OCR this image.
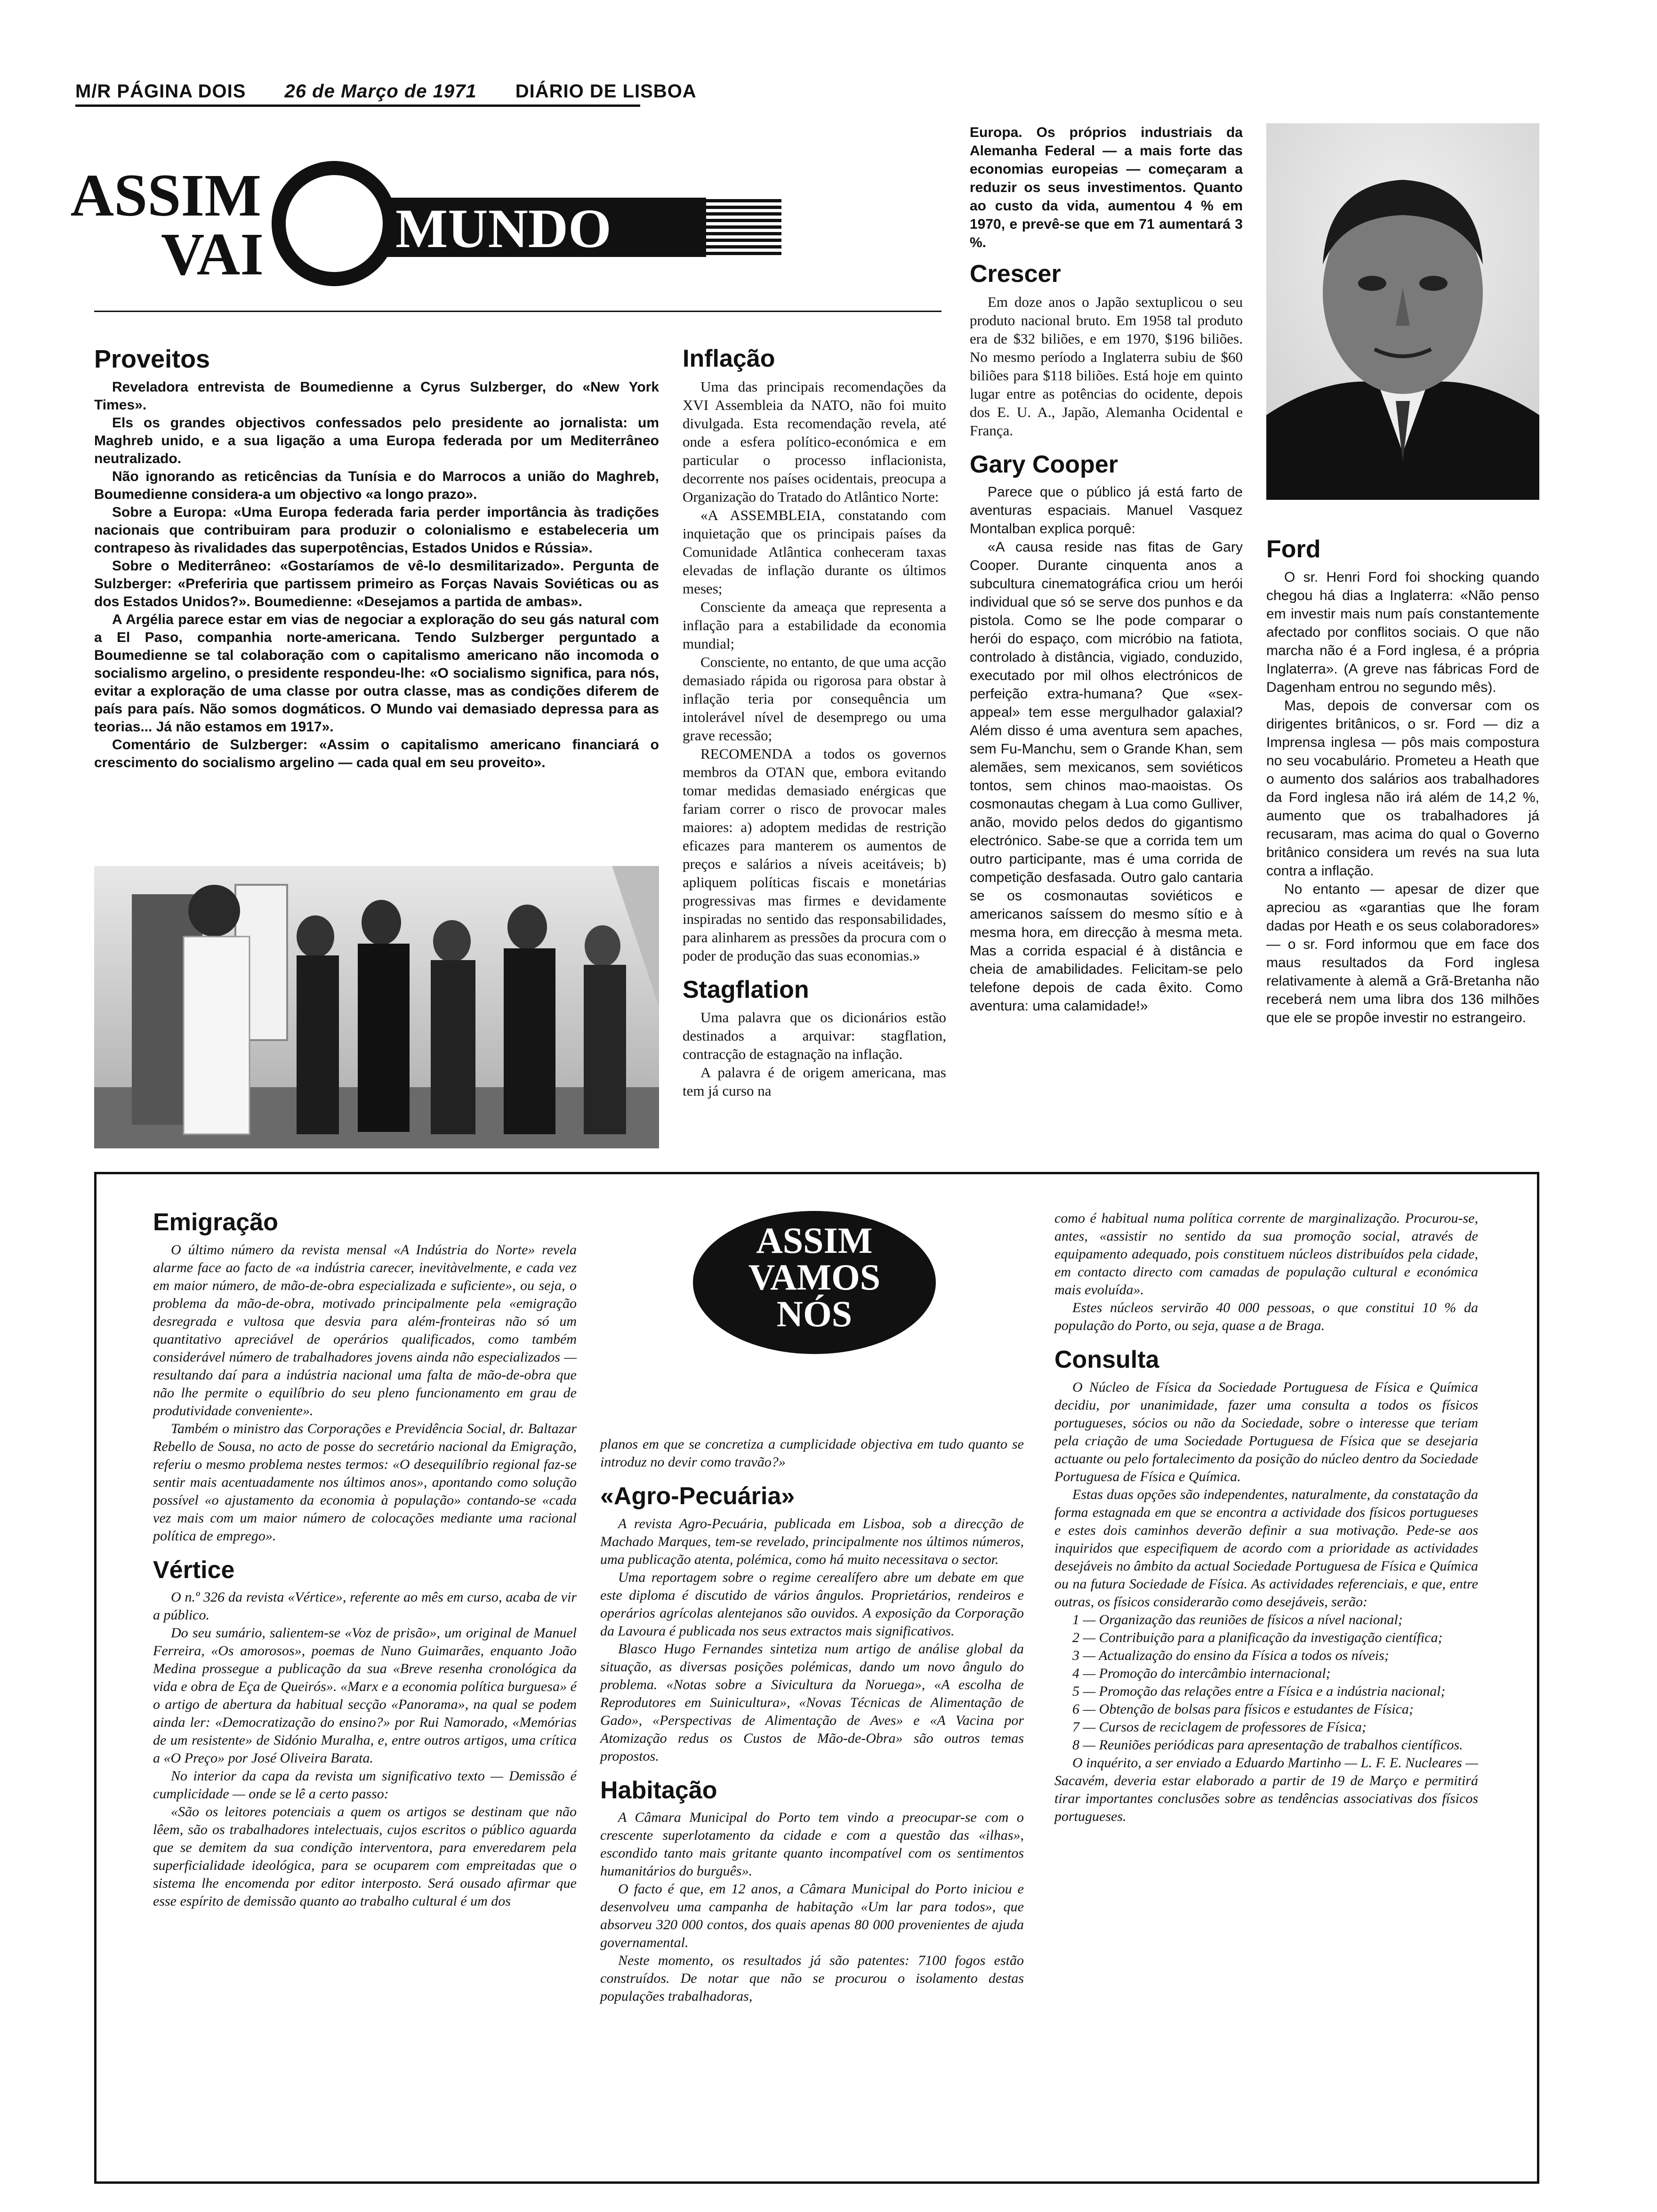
M/R PÁGINA DOIS 26 de Março de 1971 DIÁRIO DE LISBOA
ASSIM
VAI MUNDO
Proveitos

Reveladora entrevista de Boumedienne a Cyrus Sulzberger, do «New York Times».

Els os grandes objectivos confessados pelo presidente ao jornalista: um Maghreb unido, e a sua ligação a uma Europa federada por um Mediterrâneo neutralizado.

Não ignorando as reticências da Tunísia e do Marrocos a união do Maghreb, Boumedienne considera-a um objectivo «a longo prazo».

Sobre a Europa: «Uma Europa federada faria perder importância às tradições nacionais que contribuiram para produzir o colonialismo e estabeleceria um contrapeso às rivalidades das superpotências, Estados Unidos e Rússia».

Sobre o Mediterrâneo: «Gostaríamos de vê-lo desmilitarizado». Pergunta de Sulzberger: «Preferiria que partissem primeiro as Forças Navais Soviéticas ou as dos Estados Unidos?». Boumedienne: «Desejamos a partida de ambas».

A Argélia parece estar em vias de negociar a exploração do seu gás natural com a El Paso, companhia norte-americana. Tendo Sulzberger perguntado a Boumedienne se tal colaboração com o capitalismo americano não incomoda o socialismo argelino, o presidente respondeu-lhe: «O socialismo significa, para nós, evitar a exploração de uma classe por outra classe, mas as condições diferem de país para país. Não somos dogmáticos. O Mundo vai demasiado depressa para as teorias... Já não estamos em 1917».

Comentário de Sulzberger: «Assim o capitalismo americano financiará o crescimento do socialismo argelino — cada qual em seu proveito».

Inflação

Uma das principais recomendações da XVI Assembleia da NATO, não foi muito divulgada. Esta recomendação revela, até onde a esfera político-económica e em particular o processo inflacionista, decorrente nos países ocidentais, preocupa a Organização do Tratado do Atlântico Norte:

«A ASSEMBLEIA, constatando com inquietação que os principais países da Comunidade Atlântica conheceram taxas elevadas de inflação durante os últimos meses;

Consciente da ameaça que representa a inflação para a estabilidade da economia mundial;

Consciente, no entanto, de que uma acção demasiado rápida ou rigorosa para obstar à inflação teria por consequência um intolerável nível de desemprego ou uma grave recessão;

RECOMENDA a todos os governos membros da OTAN que, embora evitando tomar medidas demasiado enérgicas que fariam correr o risco de provocar males maiores: a) adoptem medidas de restrição eficazes para manterem os aumentos de preços e salários a níveis aceitáveis; b) apliquem políticas fiscais e monetárias progressivas mas firmes e devidamente inspiradas no sentido das responsabilidades, para alinharem as pressões da procura com o poder de produção das suas economias.»

Stagflation

Uma palavra que os dicionários estão destinados a arquivar: stagflation, contracção de estagnação na inflação.

A palavra é de origem americana, mas tem já curso na

Europa. Os próprios industriais da Alemanha Federal — a mais forte das economias europeias — começaram a reduzir os seus investimentos. Quanto ao custo da vida, aumentou 4 % em 1970, e prevê-se que em 71 aumentará 3 %.

Crescer

Em doze anos o Japão sextuplicou o seu produto nacional bruto. Em 1958 tal produto era de $32 biliões, e em 1970, $196 biliões. No mesmo período a Inglaterra subiu de $60 biliões para $118 biliões. Está hoje em quinto lugar entre as potências do ocidente, depois dos E. U. A., Japão, Alemanha Ocidental e França.

Gary Cooper

Parece que o público já está farto de aventuras espaciais. Manuel Vasquez Montalban explica porquê:

«A causa reside nas fitas de Gary Cooper. Durante cinquenta anos a subcultura cinematográfica criou um herói individual que só se serve dos punhos e da pistola. Como se lhe pode comparar o herói do espaço, com micróbio na fatiota, controlado à distância, vigiado, conduzido, executado por mil olhos electrónicos de perfeição extra-humana? Que «sex-appeal» tem esse mergulhador galaxial? Além disso é uma aventura sem apaches, sem Fu-Manchu, sem o Grande Khan, sem alemães, sem mexicanos, sem soviéticos tontos, sem chinos mao-maoistas. Os cosmonautas chegam à Lua como Gulliver, anão, movido pelos dedos do gigantismo electrónico. Sabe-se que a corrida tem um outro participante, mas é uma corrida de competição desfasada. Outro galo cantaria se os cosmonautas soviéticos e americanos saíssem do mesmo sítio e à mesma hora, em direcção à mesma meta. Mas a corrida espacial é à distância e cheia de amabilidades. Felicitam-se pelo telefone depois de cada êxito. Como aventura: uma calamidade!»

Ford

O sr. Henri Ford foi shocking quando chegou há dias a Inglaterra: «Não penso em investir mais num país constantemente afectado por conflitos sociais. O que não marcha não é a Ford inglesa, é a própria Inglaterra». (A greve nas fábricas Ford de Dagenham entrou no segundo mês).

Mas, depois de conversar com os dirigentes britânicos, o sr. Ford — diz a Imprensa inglesa — pôs mais compostura no seu vocabulário. Prometeu a Heath que o aumento dos salários aos trabalhadores da Ford inglesa não irá além de 14,2 %, aumento que os trabalhadores já recusaram, mas acima do qual o Governo britânico considera um revés na sua luta contra a inflação.

No entanto — apesar de dizer que apreciou as «garantias que lhe foram dadas por Heath e os seus colaboradores» — o sr. Ford informou que em face dos maus resultados da Ford inglesa relativamente à alemã a Grã-Bretanha não receberá nem uma libra dos 136 milhões que ele se propôe investir no estrangeiro.

ASSIM
VAMOS
NÓS
Emigração

O último número da revista mensal «A Indústria do Norte» revela alarme face ao facto de «a indústria carecer, inevitàvelmente, e cada vez em maior número, de mão-de-obra especializada e suficiente», ou seja, o problema da mão-de-obra, motivado principalmente pela «emigração desregrada e vultosa que desvia para além-fronteiras não só um quantitativo apreciável de operários qualificados, como também considerável número de trabalhadores jovens ainda não especializados — resultando daí para a indústria nacional uma falta de mão-de-obra que não lhe permite o equilíbrio do seu pleno funcionamento em grau de produtividade conveniente».

Também o ministro das Corporações e Previdência Social, dr. Baltazar Rebello de Sousa, no acto de posse do secretário nacional da Emigração, referiu o mesmo problema nestes termos: «O desequilíbrio regional faz-se sentir mais acentuadamente nos últimos anos», apontando como solução possível «o ajustamento da economia à população» contando-se «cada vez mais com um maior número de colocações mediante uma racional política de emprego».

Vértice

O n.º 326 da revista «Vértice», referente ao mês em curso, acaba de vir a público.

Do seu sumário, salientem-se «Voz de prisão», um original de Manuel Ferreira, «Os amorosos», poemas de Nuno Guimarães, enquanto João Medina prossegue a publicação da sua «Breve resenha cronológica da vida e obra de Eça de Queirós». «Marx e a economia política burguesa» é o artigo de abertura da habitual secção «Panorama», na qual se podem ainda ler: «Democratização do ensino?» por Rui Namorado, «Memórias de um resistente» de Sidónio Muralha, e, entre outros artigos, uma crítica a «O Preço» por José Oliveira Barata.

No interior da capa da revista um significativo texto — Demissão é cumplicidade — onde se lê a certo passo:

«São os leitores potenciais a quem os artigos se destinam que não lêem, são os trabalhadores intelectuais, cujos escritos o público aguarda que se demitem da sua condição interventora, para enveredarem pela superficialidade ideológica, para se ocuparem com empreitadas que o sistema lhe encomenda por editor interposto. Será ousado afirmar que esse espírito de demissão quanto ao trabalho cultural é um dos

planos em que se concretiza a cumplicidade objectiva em tudo quanto se introduz no devir como travão?»

«Agro-Pecuária»

A revista Agro-Pecuária, publicada em Lisboa, sob a direcção de Machado Marques, tem-se revelado, principalmente nos últimos números, uma publicação atenta, polémica, como há muito necessitava o sector.

Uma reportagem sobre o regime cerealífero abre um debate em que este diploma é discutido de vários ângulos. Proprietários, rendeiros e operários agrícolas alentejanos são ouvidos. A exposição da Corporação da Lavoura é publicada nos seus extractos mais significativos.

Blasco Hugo Fernandes sintetiza num artigo de análise global da situação, as diversas posições polémicas, dando um novo ângulo do problema. «Notas sobre a Sivicultura da Noruega», «A escolha de Reprodutores em Suinicultura», «Novas Técnicas de Alimentação de Gado», «Perspectivas de Alimentação de Aves» e «A Vacina por Atomização redus os Custos de Mão-de-Obra» são outros temas propostos.

Habitação

A Câmara Municipal do Porto tem vindo a preocupar-se com o crescente superlotamento da cidade e com a questão das «ilhas», escondido tanto mais gritante quanto incompatível com os sentimentos humanitários do burguês».

O facto é que, em 12 anos, a Câmara Municipal do Porto iniciou e desenvolveu uma campanha de habitação «Um lar para todos», que absorveu 320 000 contos, dos quais apenas 80 000 provenientes de ajuda governamental.

Neste momento, os resultados já são patentes: 7100 fogos estão construídos. De notar que não se procurou o isolamento destas populações trabalhadoras,

como é habitual numa política corrente de marginalização. Procurou-se, antes, «assistir no sentido da sua promoção social, através de equipamento adequado, pois constituem núcleos distribuídos pela cidade, em contacto directo com camadas de população cultural e económica mais evoluída».

Estes núcleos servirão 40 000 pessoas, o que constitui 10 % da população do Porto, ou seja, quase a de Braga.

Consulta

O Núcleo de Física da Sociedade Portuguesa de Física e Química decidiu, por unanimidade, fazer uma consulta a todos os físicos portugueses, sócios ou não da Sociedade, sobre o interesse que teriam pela criação de uma Sociedade Portuguesa de Física que se desejaria actuante ou pelo fortalecimento da posição do núcleo dentro da Sociedade Portuguesa de Física e Química.

Estas duas opções são independentes, naturalmente, da constatação da forma estagnada em que se encontra a actividade dos físicos portugueses e estes dois caminhos deverão definir a sua motivação. Pede-se aos inquiridos que especifiquem de acordo com a prioridade as actividades desejáveis no âmbito da actual Sociedade Portuguesa de Física e Química ou na futura Sociedade de Física. As actividades referenciais, e que, entre outras, os físicos considerarão como desejáveis, serão:

1 — Organização das reuniões de físicos a nível nacional;

2 — Contribuição para a planificação da investigação científica;

3 — Actualização do ensino da Física a todos os níveis;

4 — Promoção do intercâmbio internacional;

5 — Promoção das relações entre a Física e a indústria nacional;

6 — Obtenção de bolsas para físicos e estudantes de Física;

7 — Cursos de reciclagem de professores de Física;

8 — Reuniões periódicas para apresentação de trabalhos científicos.

O inquérito, a ser enviado a Eduardo Martinho — L. F. E. Nucleares — Sacavém, deveria estar elaborado a partir de 19 de Março e permitirá tirar importantes conclusões sobre as tendências associativas dos físicos portugueses.
